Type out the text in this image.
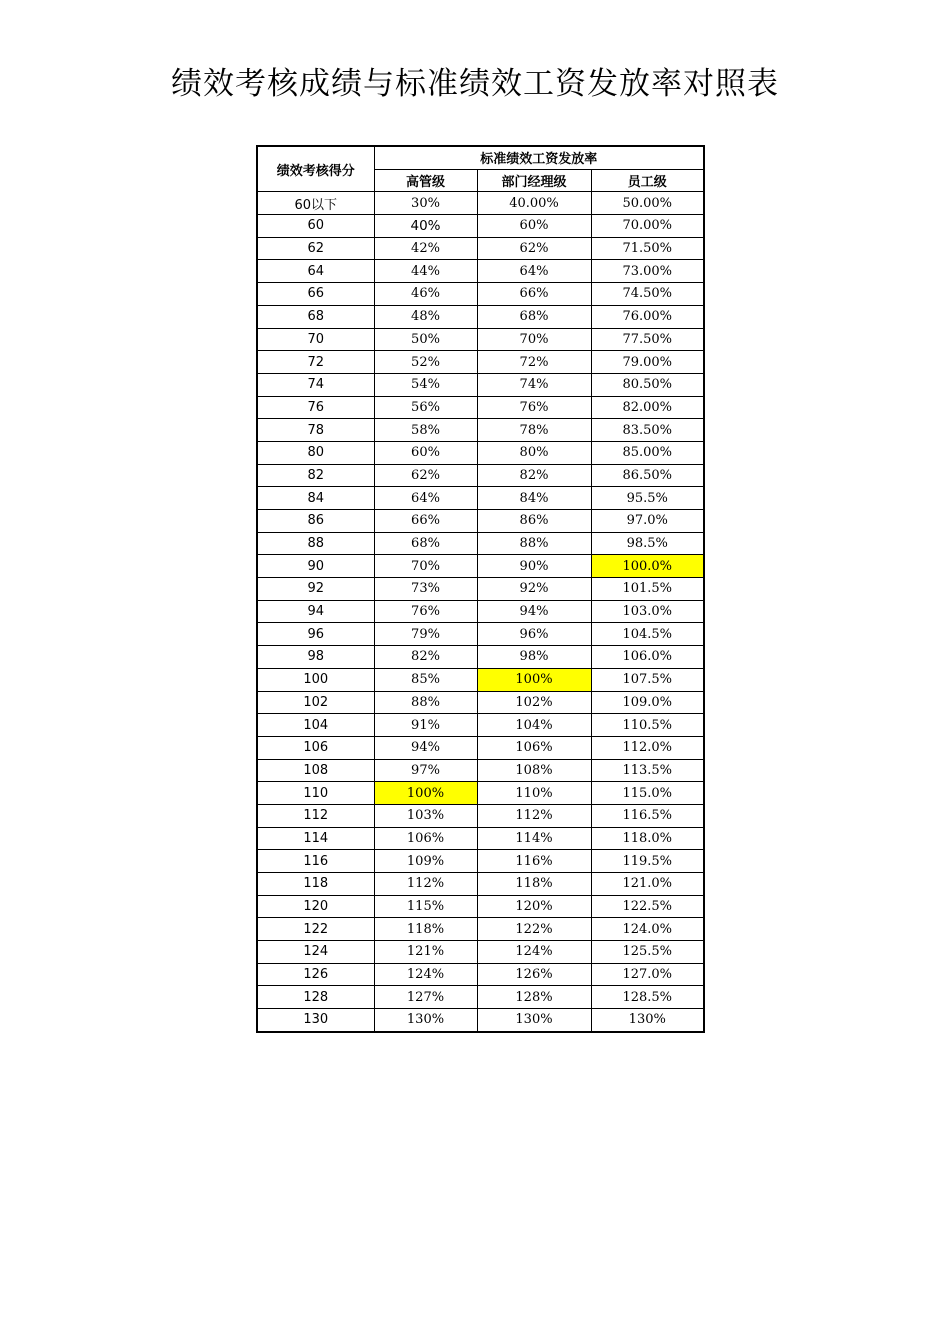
绩效考核成绩与标准绩效工资发放率对照表
绩效考核得分	标准绩效工资发放率		
	高管级	部门经理级	员工级
60以下	30%	40.00%	50.00%
60	40%	60%	70.00%
62	42%	62%	71.50%
64	44%	64%	73.00%
66	46%	66%	74.50%
68	48%	68%	76.00%
70	50%	70%	77.50%
72	52%	72%	79.00%
74	54%	74%	80.50%
76	56%	76%	82.00%
78	58%	78%	83.50%
80	60%	80%	85.00%
82	62%	82%	86.50%
84	64%	84%	95.5%
86	66%	86%	97.0%
88	68%	88%	98.5%
90	70%	90%	100.0%
92	73%	92%	101.5%
94	76%	94%	103.0%
96	79%	96%	104.5%
98	82%	98%	106.0%
100	85%	100%	107.5%
102	88%	102%	109.0%
104	91%	104%	110.5%
106	94%	106%	112.0%
108	97%	108%	113.5%
110	100%	110%	115.0%
112	103%	112%	116.5%
114	106%	114%	118.0%
116	109%	116%	119.5%
118	112%	118%	121.0%
120	115%	120%	122.5%
122	118%	122%	124.0%
124	121%	124%	125.5%
126	124%	126%	127.0%
128	127%	128%	128.5%
130	130%	130%	130%
